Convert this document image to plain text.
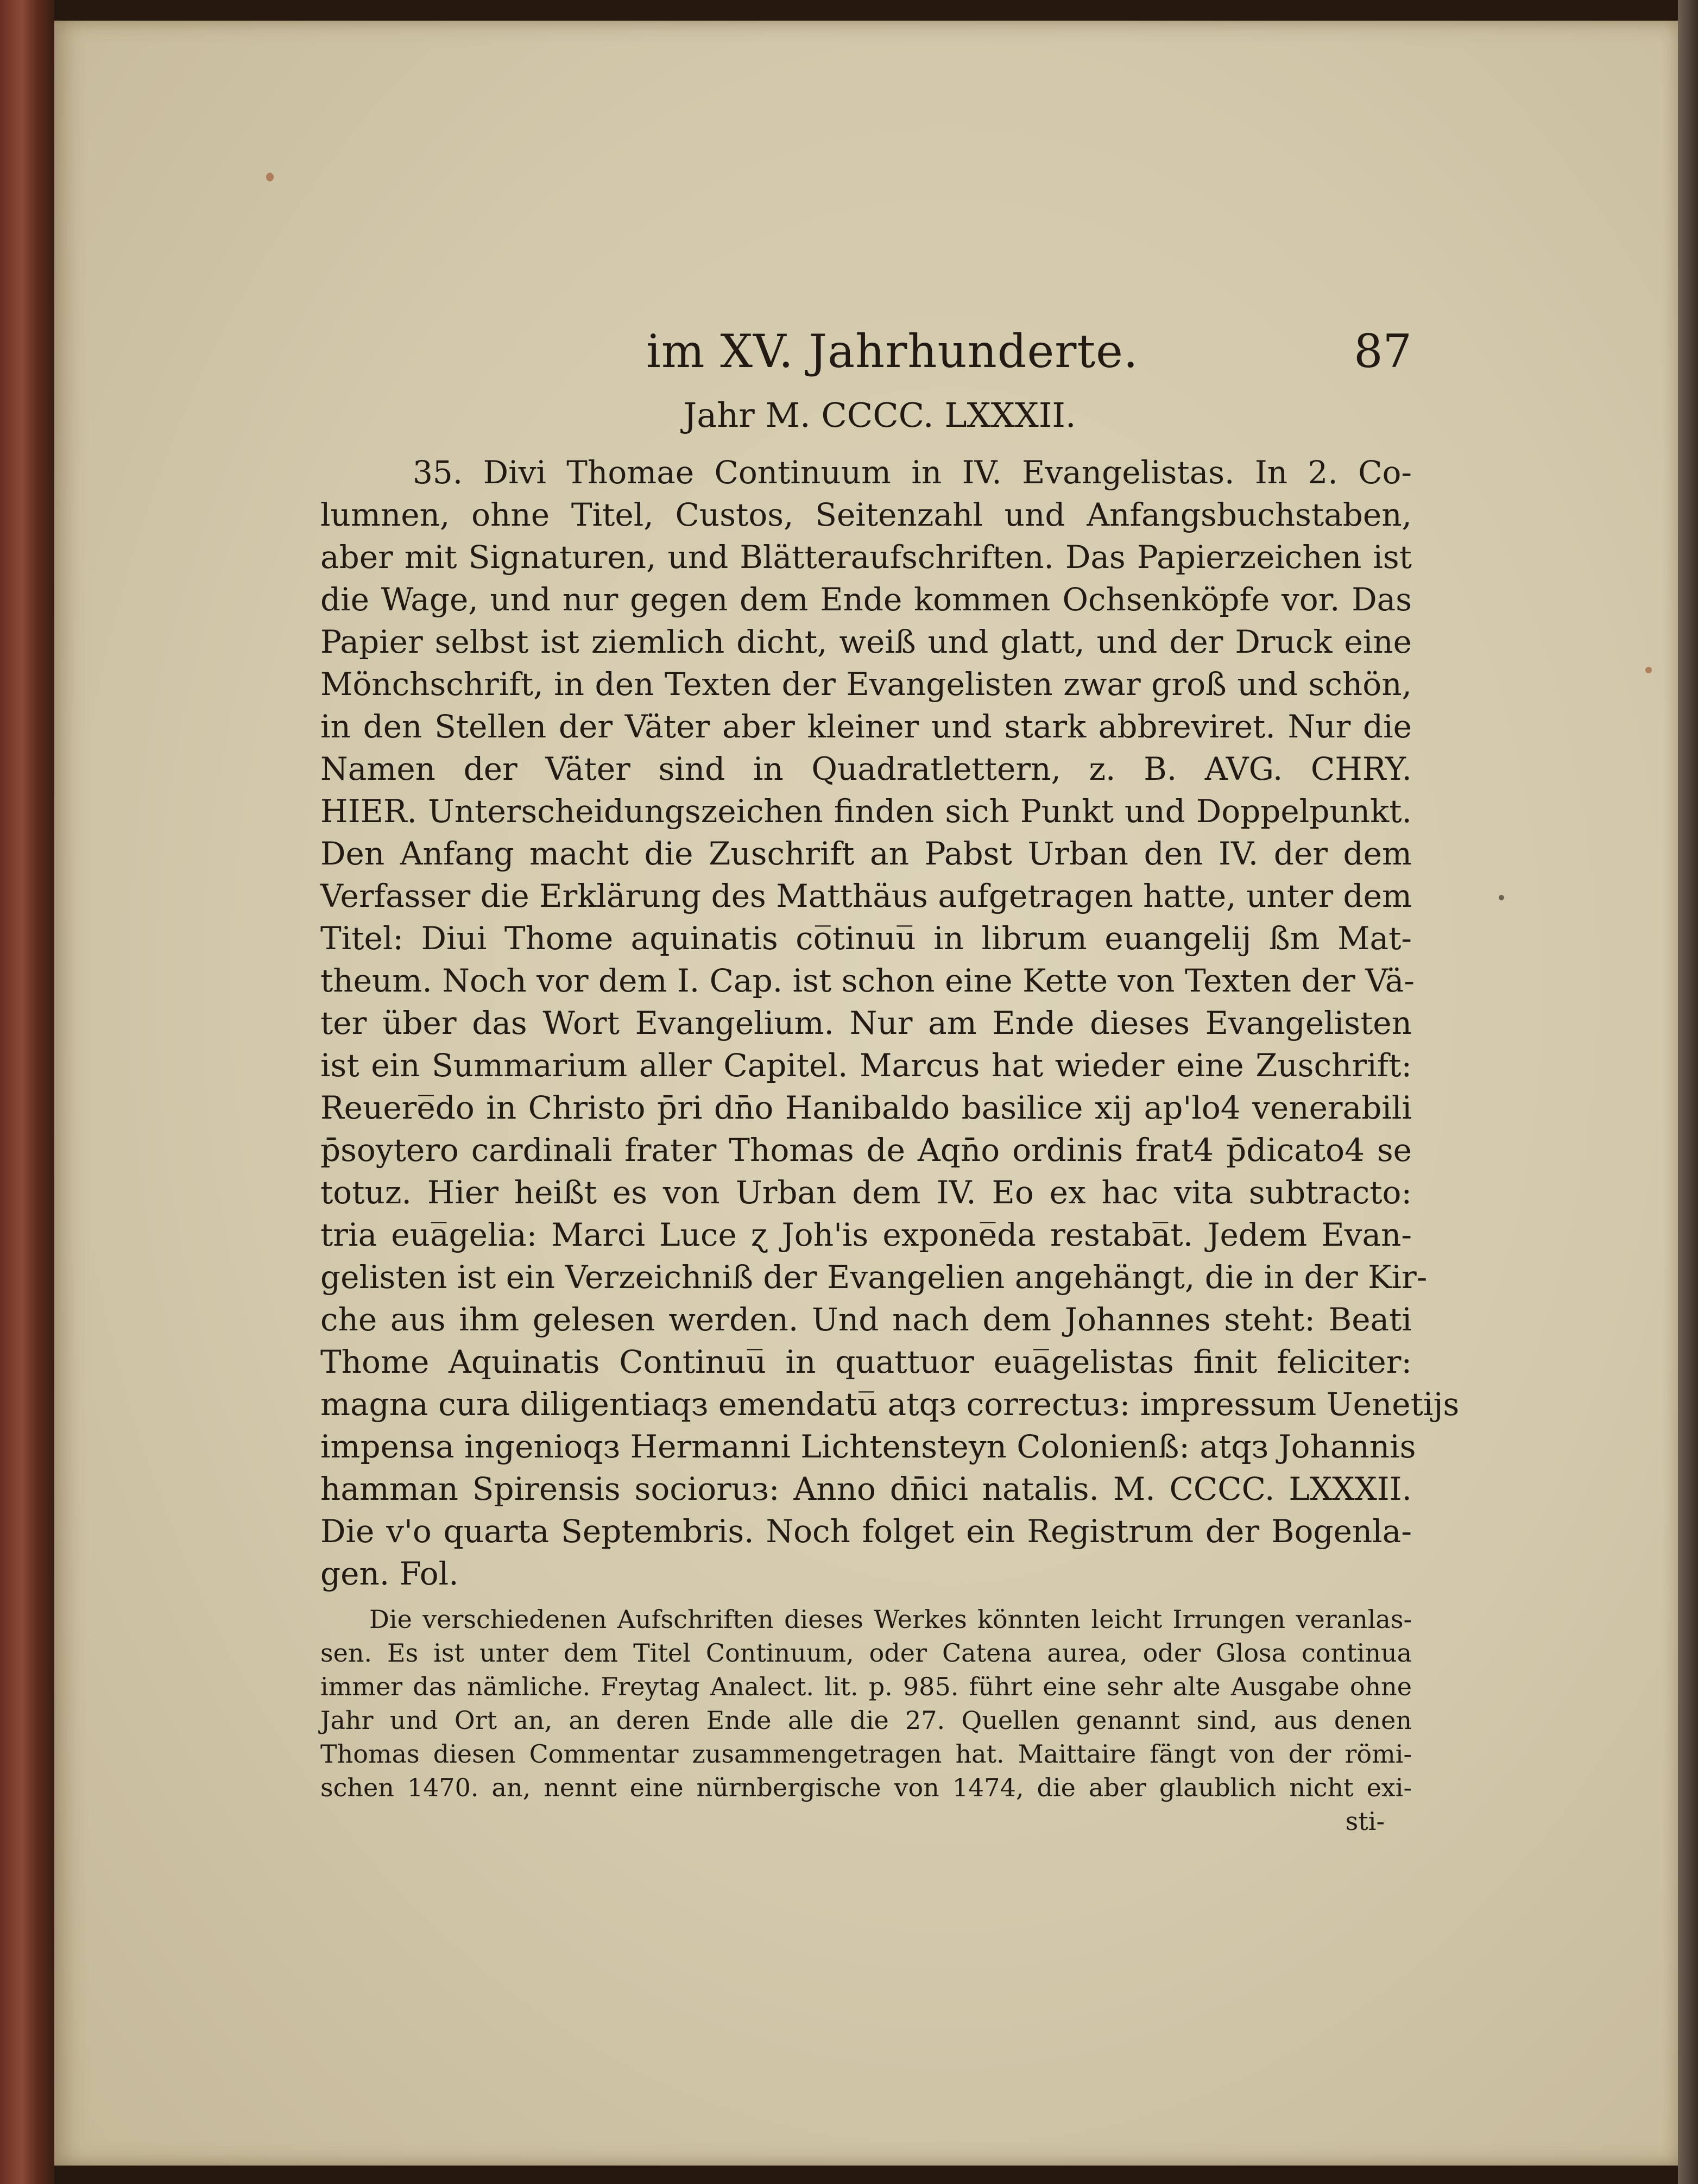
im XV. Jahrhunderte.	87
Jahr M. CCCC. LXXXII.
35. Divi Thomae Continuum in IV. Evangelistas. In 2. Co-
lumnen, ohne Titel, Custos, Seitenzahl und Anfangsbuchstaben,
aber mit Signaturen, und Blätteraufschriften. Das Papierzeichen ist
die Wage, und nur gegen dem Ende kommen Ochsenköpfe vor. Das
Papier selbst ist ziemlich dicht, weiß und glatt, und der Druck eine
Mönchschrift, in den Texten der Evangelisten zwar groß und schön,
in den Stellen der Väter aber kleiner und stark abbreviret. Nur die
Namen der Väter sind in Quadratlettern, z. B. AVG. CHRY.
HIER. Unterscheidungszeichen finden sich Punkt und Doppelpunkt.
Den Anfang macht die Zuschrift an Pabst Urban den IV. der dem
Verfasser die Erklärung des Matthäus aufgetragen hatte, unter dem
Titel: Diui Thome aquinatis co̅tinuu̅ in librum euangelij ßm Mat-
theum. Noch vor dem I. Cap. ist schon eine Kette von Texten der Vä-
ter über das Wort Evangelium. Nur am Ende dieses Evangelisten
ist ein Summarium aller Capitel. Marcus hat wieder eine Zuschrift:
Reuere̅do in Christo p̄ri dn̄o Hanibaldo basilice xij ap'lo4 venerabili
p̄soytero cardinali frater Thomas de Aqn̄o ordinis frat4 p̄dicato4 se
totuz. Hier heißt es von Urban dem IV. Eo ex hac vita subtracto:
tria eua̅gelia: Marci Luce ɀ Joh'is expone̅da restaba̅t. Jedem Evan-
gelisten ist ein Verzeichniß der Evangelien angehängt, die in der Kir-
che aus ihm gelesen werden. Und nach dem Johannes steht: Beati
Thome Aquinatis Continuu̅ in quattuor eua̅gelistas finit feliciter:
magna cura diligentiaqз emendatu̅ atqз correctuз: impressum Uenetijs
impensa ingenioqз Hermanni Lichtensteyn Colonienß: atqз Johannis
hamman Spirensis socioruз: Anno dn̄ici natalis. M. CCCC. LXXXII.
Die v'o quarta Septembris. Noch folget ein Registrum der Bogenla-
gen. Fol.
Die verschiedenen Aufschriften dieses Werkes könnten leicht Irrungen veranlas-
sen. Es ist unter dem Titel Continuum, oder Catena aurea, oder Glosa continua
immer das nämliche. Freytag Analect. lit. p. 985. führt eine sehr alte Ausgabe ohne
Jahr und Ort an, an deren Ende alle die 27. Quellen genannt sind, aus denen
Thomas diesen Commentar zusammengetragen hat. Maittaire fängt von der römi-
schen 1470. an, nennt eine nürnbergische von 1474, die aber glaublich nicht exi-
sti-
